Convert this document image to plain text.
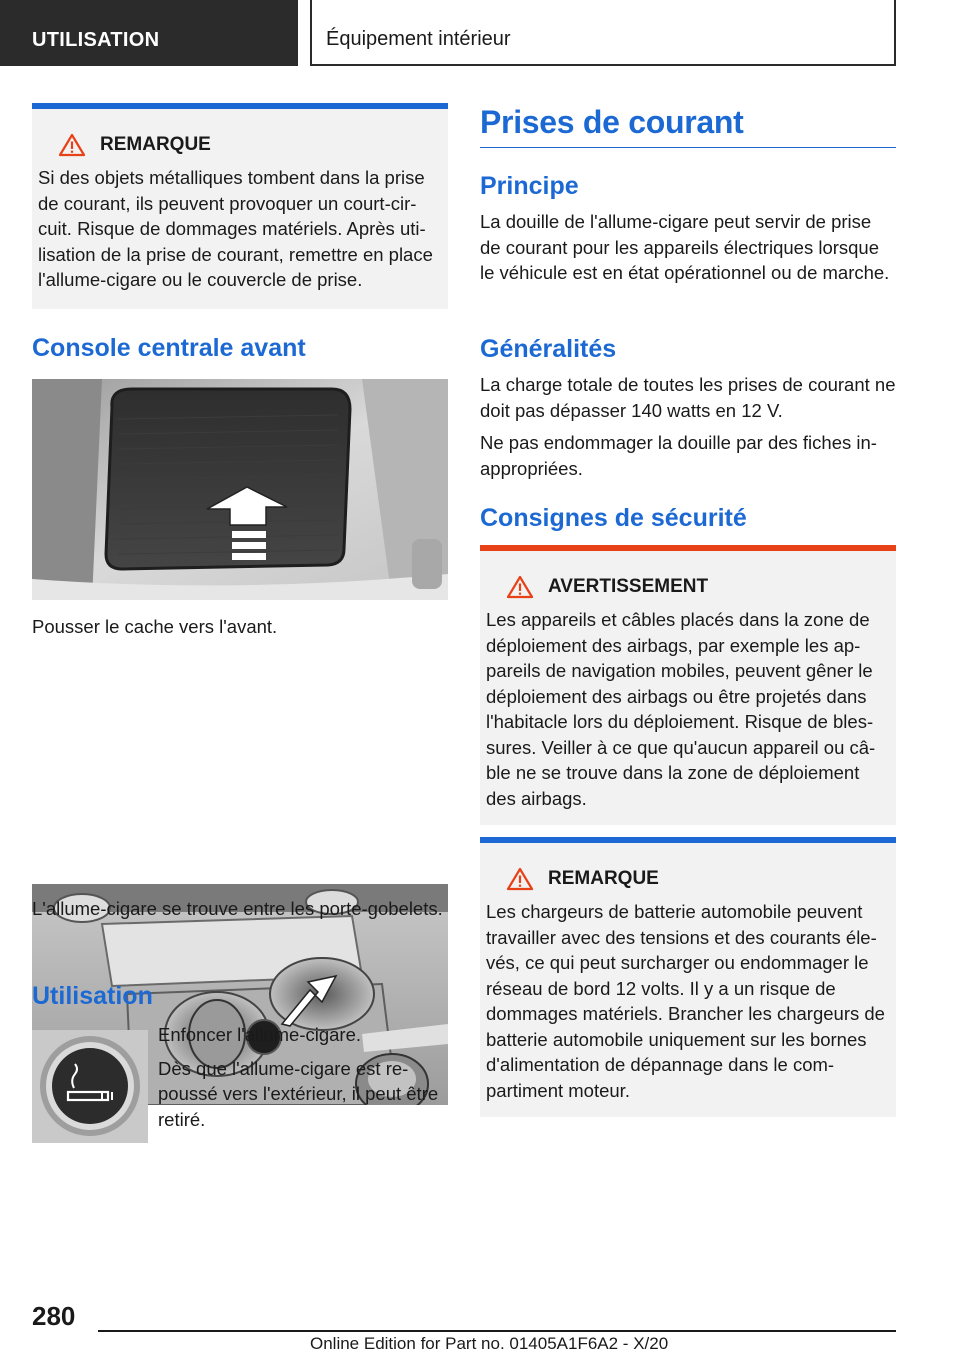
UTILISATION	Équipement intérieur
REMARQUE

Si des objets métalliques tombent dans la prise de courant, ils peuvent provoquer un court-circuit. Risque de dommages matériels. Après utilisation de la prise de courant, remettre en place l'allume-cigare ou le couvercle de prise.

Console centrale avant

Pousser le cache vers l'avant.

L'allume-cigare se trouve entre les porte-gobelets.

Utilisation

Enfoncer l'allume-cigare.

Dès que l'allume-cigare est repoussé vers l'extérieur, il peut être retiré.

Prises de courant
Principe

La douille de l'allume-cigare peut servir de prise de courant pour les appareils électriques lorsque le véhicule est en état opérationnel ou de marche.

Généralités

La charge totale de toutes les prises de courant ne doit pas dépasser 140 watts en 12 V.

Ne pas endommager la douille par des fiches inappropriées.

Consignes de sécurité
AVERTISSEMENT

Les appareils et câbles placés dans la zone de déploiement des airbags, par exemple les appareils de navigation mobiles, peuvent gêner le déploiement des airbags ou être projetés dans l'habitacle lors du déploiement. Risque de blessures. Veiller à ce que qu'aucun appareil ou câble ne se trouve dans la zone de déploiement des airbags.

REMARQUE

Les chargeurs de batterie automobile peuvent travailler avec des tensions et des courants élevés, ce qui peut surcharger ou endommager le réseau de bord 12 volts. Il y a un risque de dommages matériels. Brancher les chargeurs de batterie automobile uniquement sur les bornes d'alimentation de dépannage dans le compartiment moteur.

280
Online Edition for Part no. 01405A1F6A2 - X/20
